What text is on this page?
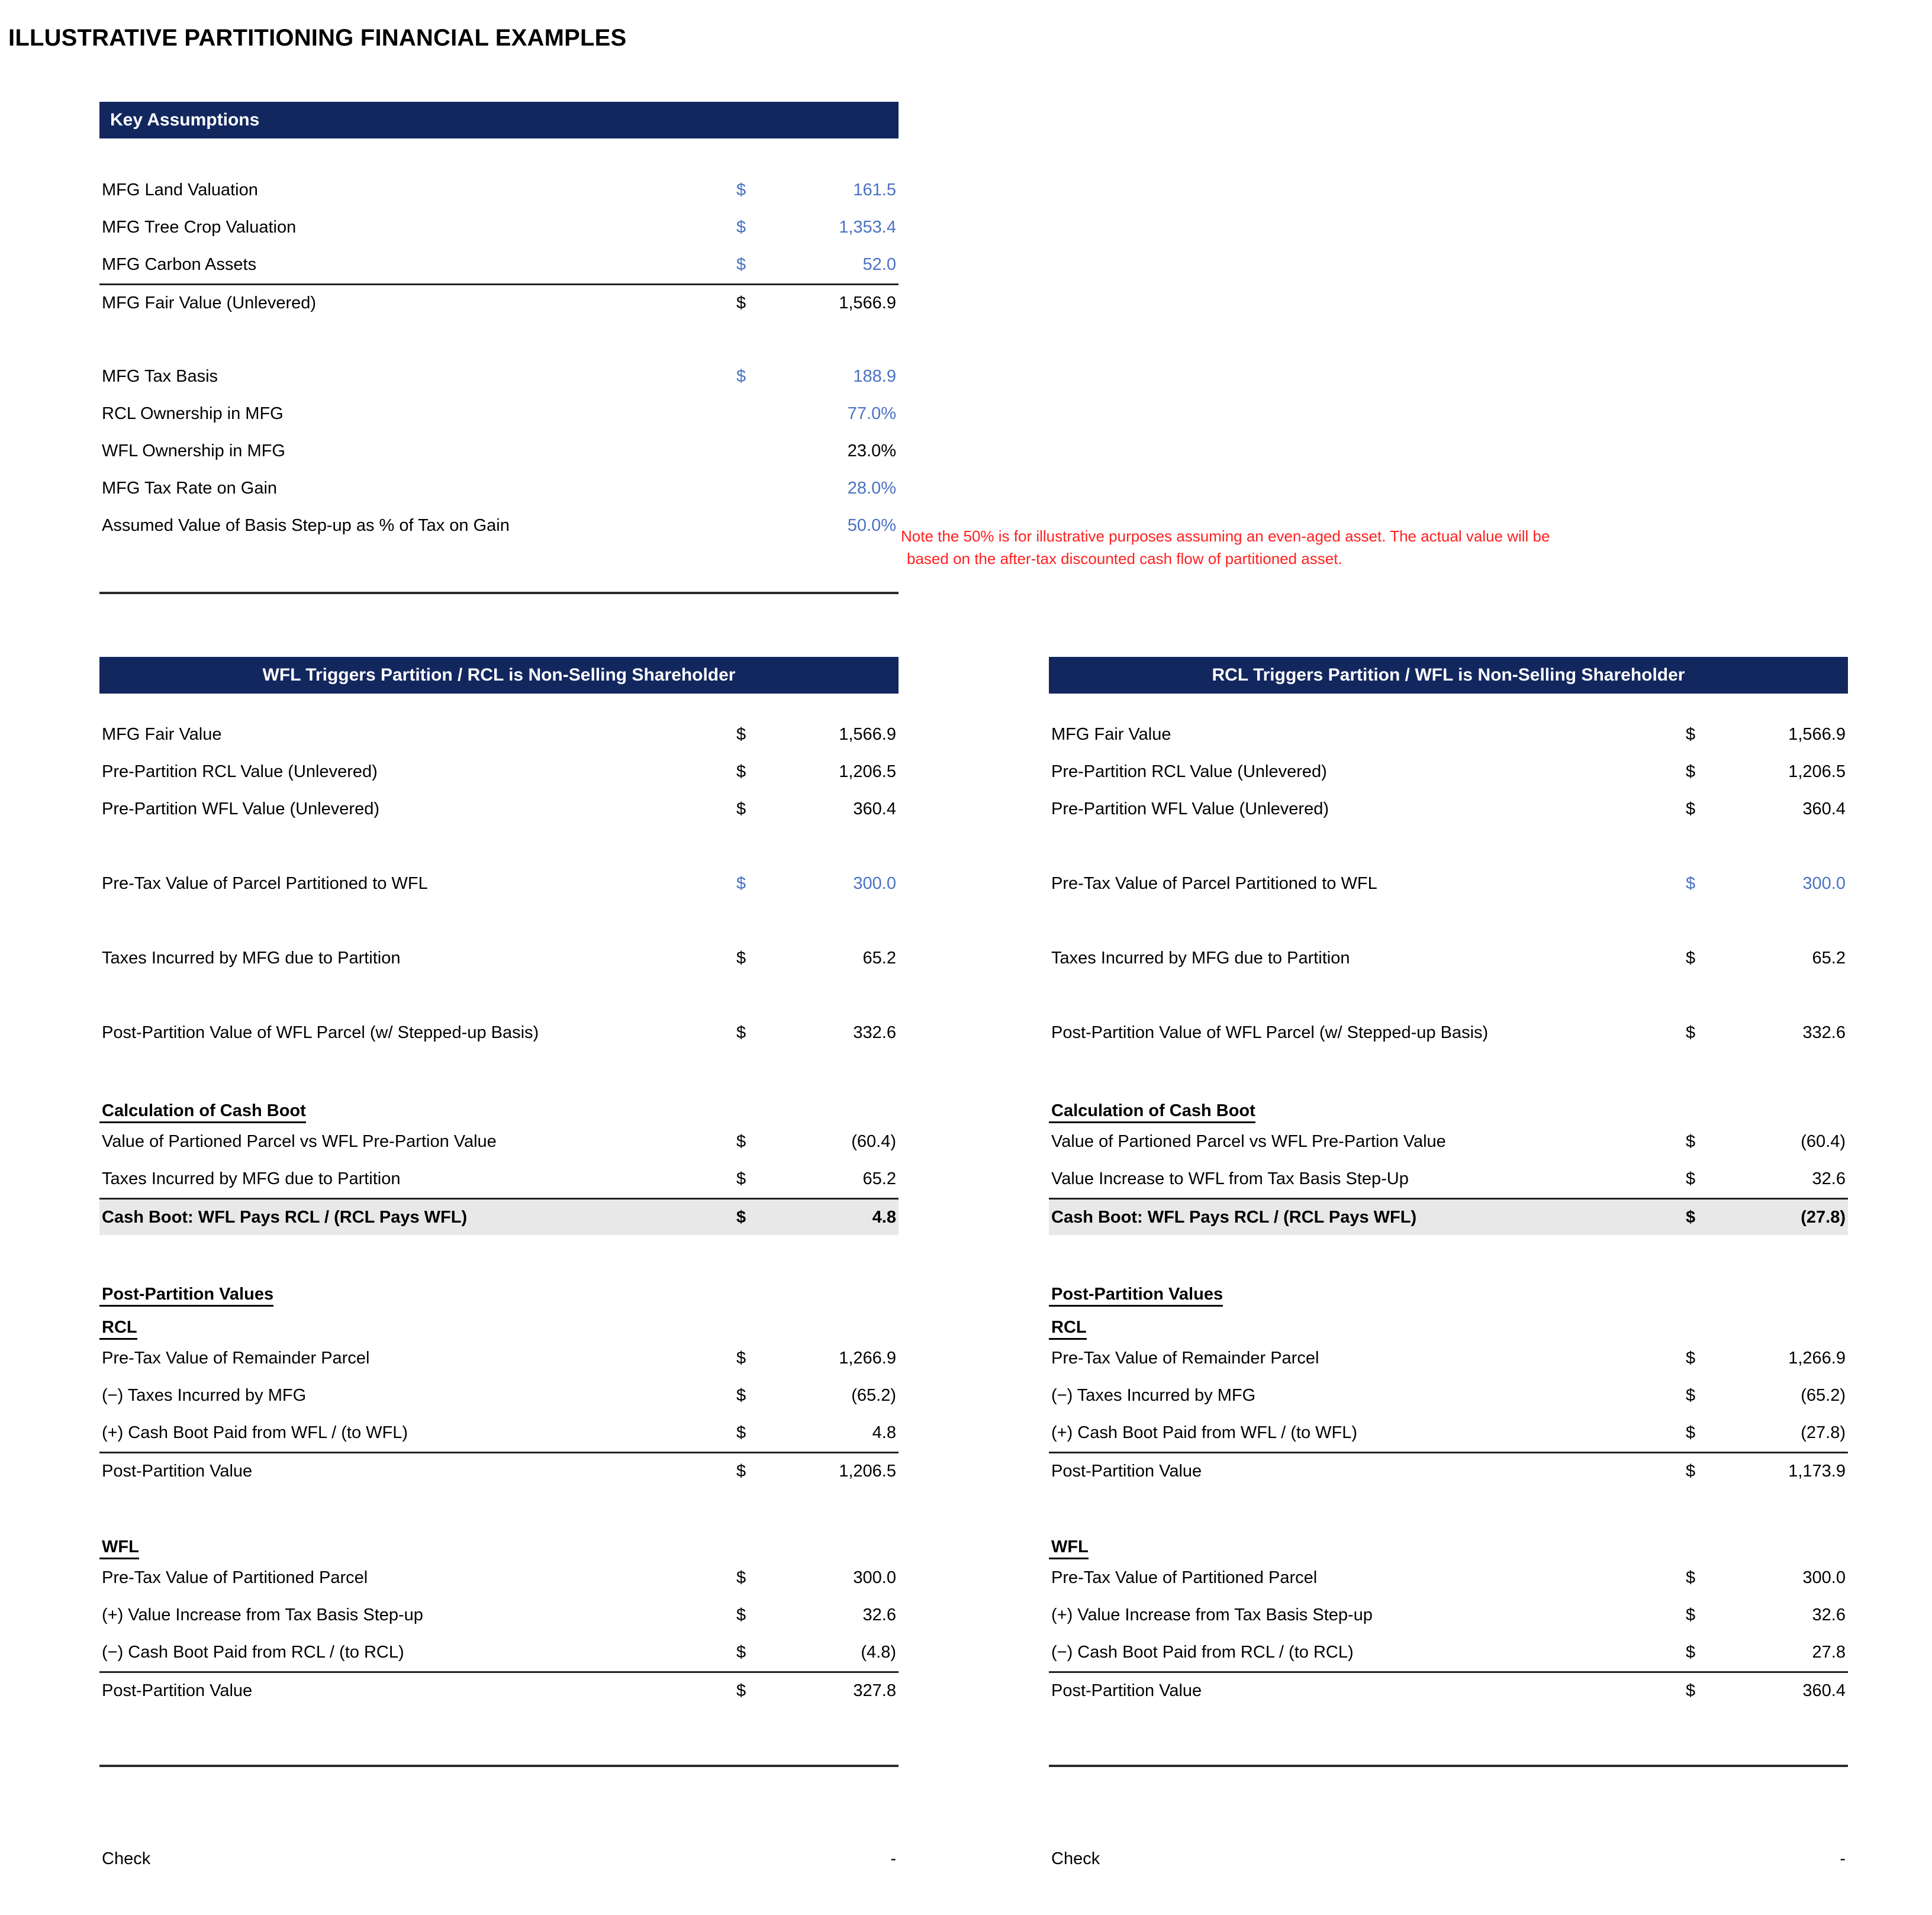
ILLUSTRATIVE PARTITIONING FINANCIAL EXAMPLES
Key Assumptions
MFG Land Valuation	$	161.5
MFG Tree Crop Valuation	$	1,353.4
MFG Carbon Assets	$	52.0
MFG Fair Value (Unlevered)	$	1,566.9
MFG Tax Basis	$	188.9
RCL Ownership in MFG	77.0%
WFL Ownership in MFG	23.0%
MFG Tax Rate on Gain	28.0%
Assumed Value of Basis Step-up as % of Tax on Gain	50.0%
Note the 50% is for illustrative purposes assuming an even-aged asset. The actual value will be
based on the after-tax discounted cash flow of partitioned asset.
WFL Triggers Partition / RCL is Non-Selling Shareholder
MFG Fair Value	$	1,566.9
Pre-Partition RCL Value (Unlevered)	$	1,206.5
Pre-Partition WFL Value (Unlevered)	$	360.4
Pre-Tax Value of Parcel Partitioned to WFL	$	300.0
Taxes Incurred by MFG due to Partition	$	65.2
Post-Partition Value of WFL Parcel (w/ Stepped-up Basis)	$	332.6
Calculation of Cash Boot
Value of Partioned Parcel vs WFL Pre-Partion Value	$	(60.4)
Taxes Incurred by MFG due to Partition	$	65.2
Cash Boot: WFL Pays RCL / (RCL Pays WFL)	$	4.8
Post-Partition Values
RCL
Pre-Tax Value of Remainder Parcel	$	1,266.9
(−) Taxes Incurred by MFG	$	(65.2)
(+) Cash Boot Paid from WFL / (to WFL)	$	4.8
Post-Partition Value	$	1,206.5
WFL
Pre-Tax Value of Partitioned Parcel	$	300.0
(+) Value Increase from Tax Basis Step-up	$	32.6
(−) Cash Boot Paid from RCL / (to RCL)	$	(4.8)
Post-Partition Value	$	327.8
Check	-
RCL Triggers Partition / WFL is Non-Selling Shareholder
MFG Fair Value	$	1,566.9
Pre-Partition RCL Value (Unlevered)	$	1,206.5
Pre-Partition WFL Value (Unlevered)	$	360.4
Pre-Tax Value of Parcel Partitioned to WFL	$	300.0
Taxes Incurred by MFG due to Partition	$	65.2
Post-Partition Value of WFL Parcel (w/ Stepped-up Basis)	$	332.6
Calculation of Cash Boot
Value of Partioned Parcel vs WFL Pre-Partion Value	$	(60.4)
Value Increase to WFL from Tax Basis Step-Up	$	32.6
Cash Boot: WFL Pays RCL / (RCL Pays WFL)	$	(27.8)
Post-Partition Values
RCL
Pre-Tax Value of Remainder Parcel	$	1,266.9
(−) Taxes Incurred by MFG	$	(65.2)
(+) Cash Boot Paid from WFL / (to WFL)	$	(27.8)
Post-Partition Value	$	1,173.9
WFL
Pre-Tax Value of Partitioned Parcel	$	300.0
(+) Value Increase from Tax Basis Step-up	$	32.6
(−) Cash Boot Paid from RCL / (to RCL)	$	27.8
Post-Partition Value	$	360.4
Check	-
